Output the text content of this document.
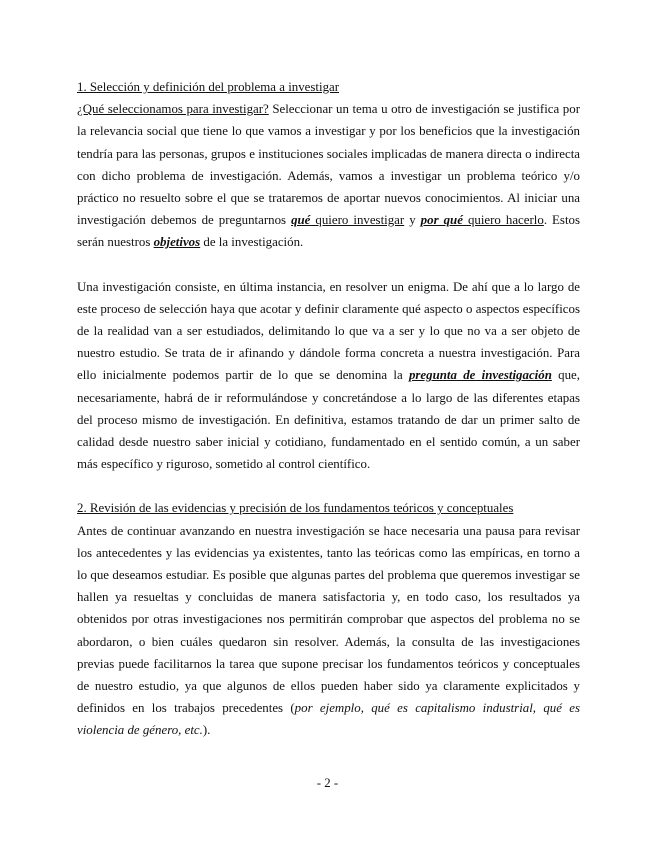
1. Selección y definición del problema a investigar

¿Qué seleccionamos para investigar? Seleccionar un tema u otro de investigación se justifica por la relevancia social que tiene lo que vamos a investigar y por los beneficios que la investigación tendría para las personas, grupos e instituciones sociales implicadas de manera directa o indirecta con dicho problema de investigación. Además, vamos a investigar un problema teórico y/o práctico no resuelto sobre el que se trataremos de aportar nuevos conocimientos. Al iniciar una investigación debemos de preguntarnos qué quiero investigar y por qué quiero hacerlo. Estos serán nuestros objetivos de la investigación.

Una investigación consiste, en última instancia, en resolver un enigma. De ahí que a lo largo de este proceso de selección haya que acotar y definir claramente qué aspecto o aspectos específicos de la realidad van a ser estudiados, delimitando lo que va a ser y lo que no va a ser objeto de nuestro estudio. Se trata de ir afinando y dándole forma concreta a nuestra investigación. Para ello inicialmente podemos partir de lo que se denomina la pregunta de investigación que, necesariamente, habrá de ir reformulándose y concretándose a lo largo de las diferentes etapas del proceso mismo de investigación. En definitiva, estamos tratando de dar un primer salto de calidad desde nuestro saber inicial y cotidiano, fundamentado en el sentido común, a un saber más específico y riguroso, sometido al control científico.

2. Revisión de las evidencias y precisión de los fundamentos teóricos y conceptuales

Antes de continuar avanzando en nuestra investigación se hace necesaria una pausa para revisar los antecedentes y las evidencias ya existentes, tanto las teóricas como las empíricas, en torno a lo que deseamos estudiar. Es posible que algunas partes del problema que queremos investigar se hallen ya resueltas y concluidas de manera satisfactoria y, en todo caso, los resultados ya obtenidos por otras investigaciones nos permitirán comprobar que aspectos del problema no se abordaron, o bien cuáles quedaron sin resolver. Además, la consulta de las investigaciones previas puede facilitarnos la tarea que supone precisar los fundamentos teóricos y conceptuales de nuestro estudio, ya que algunos de ellos pueden haber sido ya claramente explicitados y definidos en los trabajos precedentes (por ejemplo, qué es capitalismo industrial, qué es violencia de género, etc.).

- 2 -
